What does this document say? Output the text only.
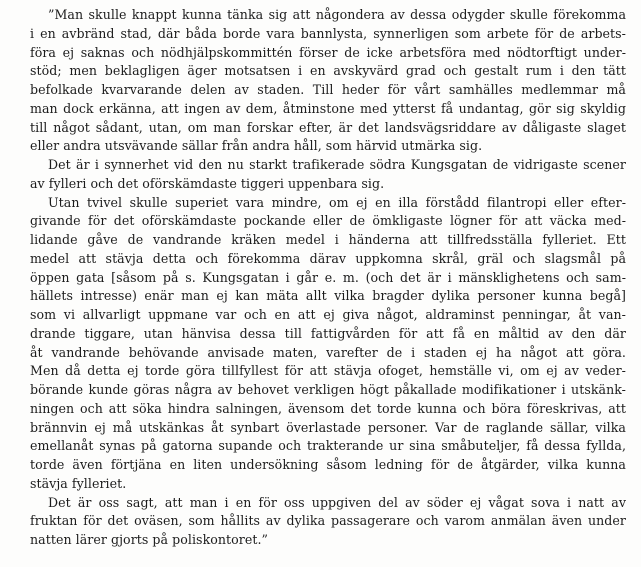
”Man skulle knappt kunna tänka sig att någondera av dessa odygder skulle förekomma
i en avbränd stad, där båda borde vara bannlysta, synnerligen som arbete för de arbets-
föra ej saknas och nödhjälpskommittén förser de icke arbetsföra med nödtorftigt under-
stöd; men beklagligen äger motsatsen i en avskyvärd grad och gestalt rum i den tätt
befolkade kvarvarande delen av staden. Till heder för vårt samhälles medlemmar må
man dock erkänna, att ingen av dem, åtminstone med ytterst få undantag, gör sig skyldig
till något sådant, utan, om man forskar efter, är det landsvägsriddare av dåligaste slaget
eller andra utsvävande sällar från andra håll, som härvid utmärka sig.
Det är i synnerhet vid den nu starkt trafikerade södra Kungsgatan de vidrigaste scener
av fylleri och det oförskämdaste tiggeri uppenbara sig.
Utan tvivel skulle superiet vara mindre, om ej en illa förstådd filantropi eller efter-
givande för det oförskämdaste pockande eller de ömkligaste lögner för att väcka med-
lidande gåve de vandrande kräken medel i händerna att tillfredsställa fylleriet. Ett
medel att stävja detta och förekomma därav uppkomna skrål, gräl och slagsmål på
öppen gata [såsom på s. Kungsgatan i går e. m. (och det är i mänsklighetens och sam-
hällets intresse) enär man ej kan mäta allt vilka bragder dylika personer kunna begå]
som vi allvarligt uppmane var och en att ej giva något, aldraminst penningar, åt van-
drande tiggare, utan hänvisa dessa till fattigvården för att få en måltid av den där
åt vandrande behövande anvisade maten, varefter de i staden ej ha något att göra.
Men då detta ej torde göra tillfyllest för att stävja ofoget, hemställe vi, om ej av veder-
börande kunde göras några av behovet verkligen högt påkallade modifikationer i utskänk-
ningen och att söka hindra salningen, ävensom det torde kunna och böra föreskrivas, att
brännvin ej må utskänkas åt synbart överlastade personer. Var de raglande sällar, vilka
emellanåt synas på gatorna supande och trakterande ur sina småbuteljer, få dessa fyllda,
torde även förtjäna en liten undersökning såsom ledning för de åtgärder, vilka kunna
stävja fylleriet.
Det är oss sagt, att man i en för oss uppgiven del av söder ej vågat sova i natt av
fruktan för det oväsen, som hållits av dylika passagerare och varom anmälan även under
natten lärer gjorts på poliskontoret.”
